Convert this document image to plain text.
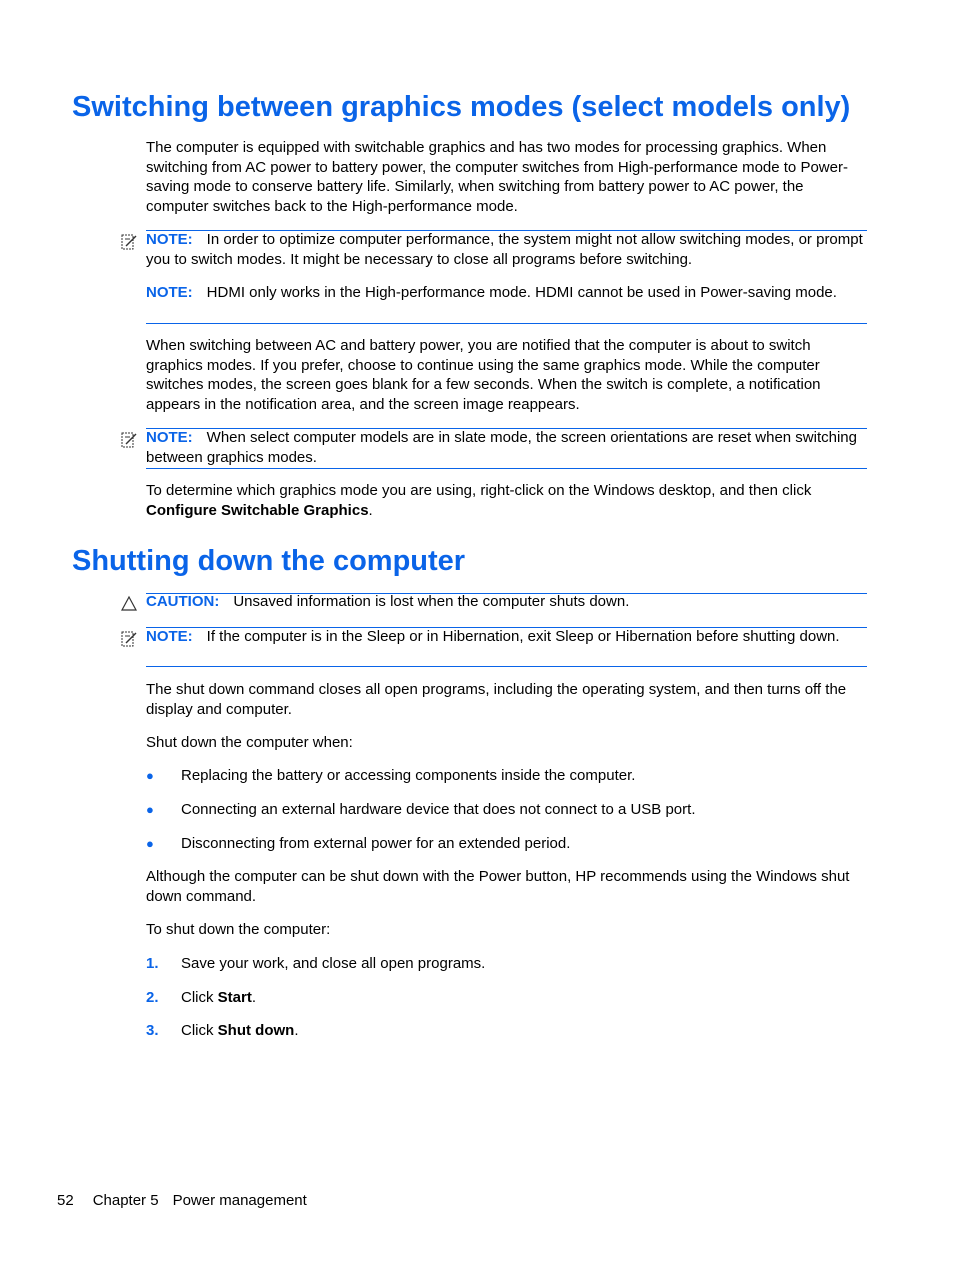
Switching between graphics modes (select models only)

The computer is equipped with switchable graphics and has two modes for processing graphics. When switching from AC power to battery power, the computer switches from High-performance mode to Power-saving mode to conserve battery life. Similarly, when switching from battery power to AC power, the computer switches back to the High-performance mode.

NOTE: In order to optimize computer performance, the system might not allow switching modes, or prompt you to switch modes. It might be necessary to close all programs before switching.

NOTE: HDMI only works in the High-performance mode. HDMI cannot be used in Power-saving mode.

When switching between AC and battery power, you are notified that the computer is about to switch graphics modes. If you prefer, choose to continue using the same graphics mode. While the computer switches modes, the screen goes blank for a few seconds. When the switch is complete, a notification appears in the notification area, and the screen image reappears.

NOTE: When select computer models are in slate mode, the screen orientations are reset when switching between graphics modes.

To determine which graphics mode you are using, right-click on the Windows desktop, and then click
Configure Switchable Graphics.

Shutting down the computer

CAUTION: Unsaved information is lost when the computer shuts down.

NOTE: If the computer is in the Sleep or in Hibernation, exit Sleep or Hibernation before shutting down.

The shut down command closes all open programs, including the operating system, and then turns off the display and computer.

Shut down the computer when:

● Replacing the battery or accessing components inside the computer.
● Connecting an external hardware device that does not connect to a USB port.
● Disconnecting from external power for an extended period.

Although the computer can be shut down with the Power button, HP recommends using the Windows shut down command.

To shut down the computer:

1. Save your work, and close all open programs.
2. Click Start.
3. Click Shut down.
52 Chapter 5 Power management
